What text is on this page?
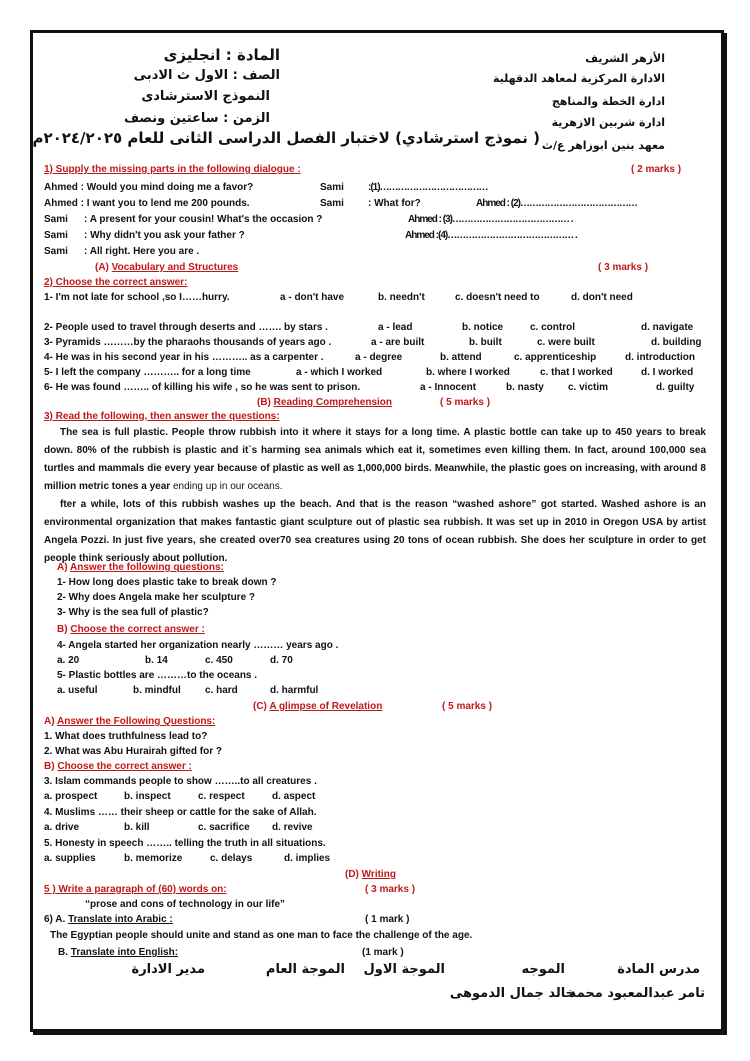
الأزهر الشريف
الادارة المركزية لمعاهد الدقهلية
ادارة الخطة والمناهج
ادارة شربين الازهرية
معهد بنين ابوزاهر ع/ث
المادة : انجليزى
الصف : الاول ث الادبى
النموذج الاسترشادى
الزمن : ساعتين ونصف
( نموذج استرشادي) لاختبار الفصل الدراسى الثانى للعام ٢٠٢٤/٢٠٢٥م
1) Supply the missing parts in the following dialogue :	( 2 marks )
Ahmed : Would you mind doing me a favor?	Sami :(1)………………………………
Ahmed : I want you to lend me 200 pounds.	Sami : What for?	Ahmed : (2)…………………………………
Sami : A present for your cousin! What's the occasion ?	Ahmed : (3)………………………………… .
Sami : Why didn't you ask your father ?	Ahmed :(4)…………………………………… .
Sami : All right. Here you are .
(A) Vocabulary and Structures	( 3 marks )
2) Choose the correct answer:
1- I'm not late for school ,so I……hurry.	a - don't have	b. needn't	c. doesn't need to	d. don't need
2- People used to travel through deserts and ……. by stars .	a - lead	b. notice	c. control	d. navigate
3- Pyramids ………by the pharaohs thousands of years ago .	a - are built	b. built	c. were built	d. building
4- He was in his second year in his ……….. as a carpenter .	a - degree	b. attend	c. apprenticeship	d. introduction
5- I left the company ……….. for a long time	a - which I worked	b. where I worked	c. that I worked	d. I worked
6- He was found …….. of killing his wife , so he was sent to prison.	a - Innocent	b. nasty c. victim	d. guilty
(B) Reading Comprehension	( 5 marks )
3) Read the following, then answer the questions:
The sea is full plastic. People throw rubbish into it where it stays for a long time. A plastic bottle can take up to 450 years to break down. 80% of the rubbish is plastic and it`s harming sea animals which eat it, sometimes even killing them. In fact, around 100,000 sea turtles and mammals die every year because of plastic as well as 1,000,000 birds. Meanwhile, the plastic goes on increasing, with around 8 million metric tones a year ending up in our oceans.
fter a while, lots of this rubbish washes up the beach. And that is the reason “washed ashore” got started. Washed ashore is an environmental organization that makes fantastic giant sculpture out of plastic sea rubbish. It was set up in 2010 in Oregon USA by artist Angela Pozzi. In just five years, she created over70 sea creatures using 20 tons of ocean rubbish. She does her sculpture in order to get people think seriously about pollution.
A) Answer the following questions:
1- How long does plastic take to break down ?
2- Why does Angela make her sculpture ?
3- Why is the sea full of plastic?
B) Choose the correct answer :
4- Angela started her organization nearly ……… years ago .
a. 20	b. 14	c. 450	d. 70
5- Plastic bottles are ………to the oceans .
a. useful	b. mindful c. hard	d. harmful
(C) A glimpse of Revelation	( 5 marks )
A) Answer the Following Questions:
1. What does truthfulness lead to?
2. What was Abu Hurairah gifted for ?
B) Choose the correct answer :
3. Islam commands people to show ……..to all creatures .
a. prospect	b. inspect	c. respect	d. aspect
4. Muslims …… their sheep or cattle for the sake of Allah.
a. drive	b. kill	c. sacrifice d. revive
5. Honesty in speech …….. telling the truth in all situations.
a. supplies	b. memorize	c. delays	d. implies
(D) Writing
5 ) Write a paragraph of (60) words on:	( 3 marks )
“prose and cons of technology in our life”
6) A. Translate into Arabic :	( 1 mark )
The Egyptian people should unite and stand as one man to face the challenge of the age.
B. Translate into English:	(1 mark )
مدرس المادة
الموجه
الموجة الاول
الموجة العام
مدير الادارة
تامر عبدالمعبود محمد
خالد جمال الدموهى
